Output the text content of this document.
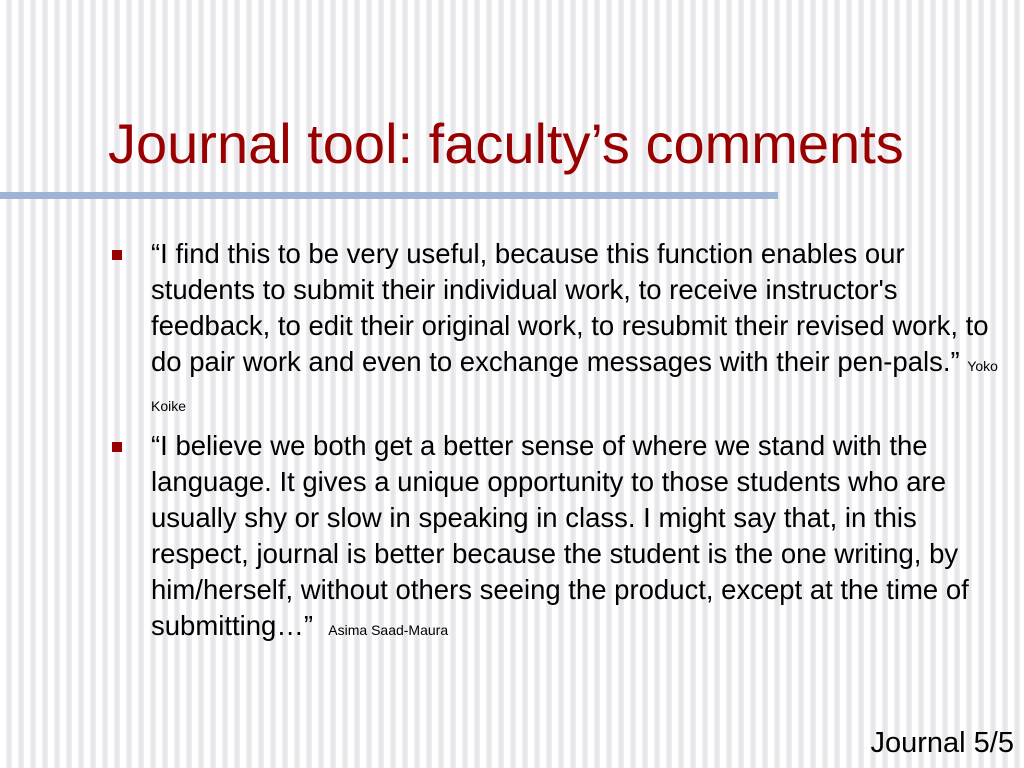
Journal tool: faculty’s comments
“I find this to be very useful, because this function enables our students to submit their individual work, to receive instructor's feedback, to edit their original work, to resubmit their revised work, to do pair work and even to exchange messages with their pen-pals.” Yoko Koike
“I believe we both get a better sense of where we stand with the language. It gives a unique opportunity to those students who are usually shy or slow in speaking in class. I might say that, in this respect, journal is better because the student is the one writing, by him/herself, without others seeing the product, except at the time of submitting…” Asima Saad-Maura
Journal 5/5
